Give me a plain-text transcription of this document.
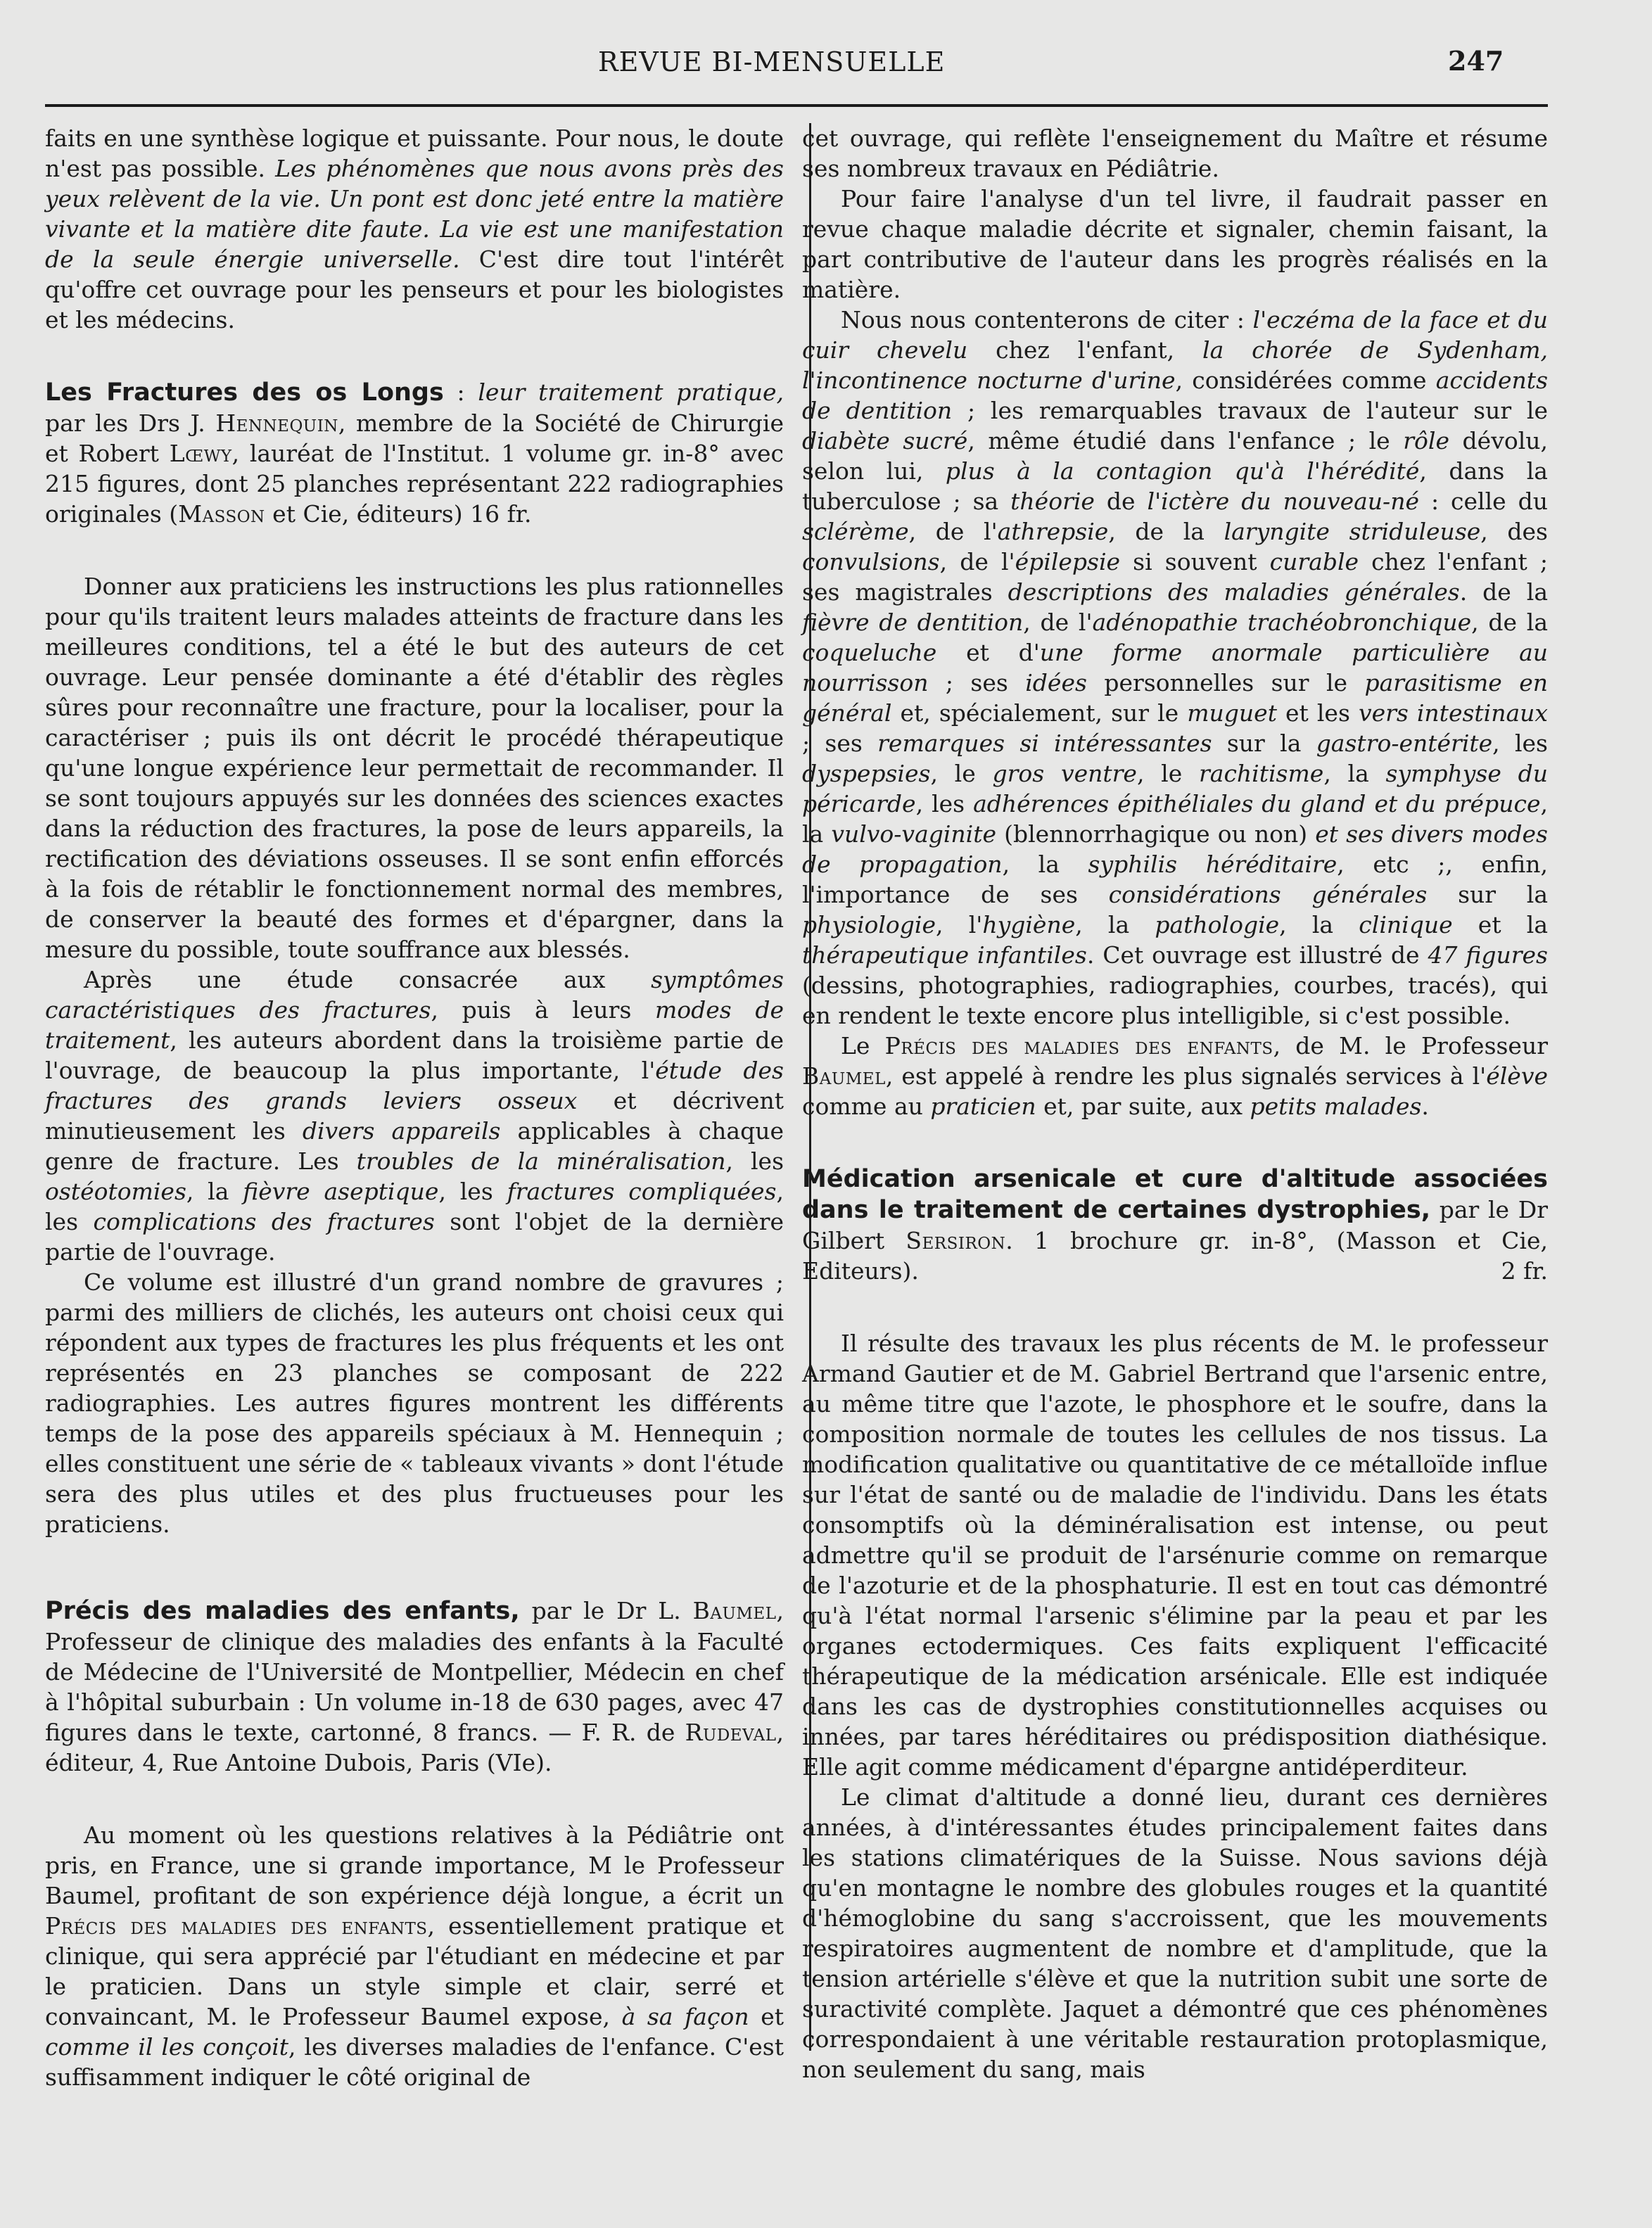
REVUE BI-MENSUELLE	247

faits en une synthèse logique et puissante. Pour nous, le doute n'est pas possible. Les phénomènes que nous avons près des yeux relèvent de la vie. Un pont est donc jeté entre la matière vivante et la matière dite faute. La vie est une manifestation de la seule énergie universelle. C'est dire tout l'intérêt qu'offre cet ouvrage pour les penseurs et pour les biologistes et les médecins.

Les Fractures des os Longs : leur traitement pratique, par les Drs J. Hennequin, membre de la Société de Chirurgie et Robert Lœwy, lauréat de l'Institut. 1 volume gr. in-8° avec 215 figures, dont 25 planches représentant 222 radiographies originales (Masson et Cie, éditeurs) 16 fr.

Donner aux praticiens les instructions les plus rationnelles pour qu'ils traitent leurs malades atteints de fracture dans les meilleures conditions, tel a été le but des auteurs de cet ouvrage. Leur pensée dominante a été d'établir des règles sûres pour reconnaître une fracture, pour la localiser, pour la caractériser ; puis ils ont décrit le procédé thérapeutique qu'une longue expérience leur permettait de recommander. Il se sont toujours appuyés sur les données des sciences exactes dans la réduction des fractures, la pose de leurs appareils, la rectification des déviations osseuses. Il se sont enfin efforcés à la fois de rétablir le fonctionnement normal des membres, de conserver la beauté des formes et d'épargner, dans la mesure du possible, toute souffrance aux blessés.

Après une étude consacrée aux symptômes caractéristiques des fractures, puis à leurs modes de traitement, les auteurs abordent dans la troisième partie de l'ouvrage, de beaucoup la plus importante, l'étude des fractures des grands leviers osseux et décrivent minutieusement les divers appareils applicables à chaque genre de fracture. Les troubles de la minéralisation, les ostéotomies, la fièvre aseptique, les fractures compliquées, les complications des fractures sont l'objet de la dernière partie de l'ouvrage.

Ce volume est illustré d'un grand nombre de gravures ; parmi des milliers de clichés, les auteurs ont choisi ceux qui répondent aux types de fractures les plus fréquents et les ont représentés en 23 planches se composant de 222 radiographies. Les autres figures montrent les différents temps de la pose des appareils spéciaux à M. Hennequin ; elles constituent une série de « tableaux vivants » dont l'étude sera des plus utiles et des plus fructueuses pour les praticiens.

Précis des maladies des enfants, par le Dr L. Baumel, Professeur de clinique des maladies des enfants à la Faculté de Médecine de l'Université de Montpellier, Médecin en chef à l'hôpital suburbain : Un volume in-18 de 630 pages, avec 47 figures dans le texte, cartonné, 8 francs. — F. R. de Rudeval, éditeur, 4, Rue Antoine Dubois, Paris (VIe).

Au moment où les questions relatives à la Pédiâtrie ont pris, en France, une si grande importance, M le Professeur Baumel, profitant de son expérience déjà longue, a écrit un Précis des maladies des enfants, essentiellement pratique et clinique, qui sera apprécié par l'étudiant en médecine et par le praticien. Dans un style simple et clair, serré et convaincant, M. le Professeur Baumel expose, à sa façon et comme il les conçoit, les diverses maladies de l'enfance. C'est suffisamment indiquer le côté original de

cet ouvrage, qui reflète l'enseignement du Maître et résume ses nombreux travaux en Pédiâtrie.

Pour faire l'analyse d'un tel livre, il faudrait passer en revue chaque maladie décrite et signaler, chemin faisant, la part contributive de l'auteur dans les progrès réalisés en la matière.

Nous nous contenterons de citer : l'eczéma de la face et du cuir chevelu chez l'enfant, la chorée de Sydenham, l'incontinence nocturne d'urine, considérées comme accidents de dentition ; les remarquables travaux de l'auteur sur le diabète sucré, même étudié dans l'enfance ; le rôle dévolu, selon lui, plus à la contagion qu'à l'hérédité, dans la tuberculose ; sa théorie de l'ictère du nouveau-né : celle du sclérème, de l'athrepsie, de la laryngite striduleuse, des convulsions, de l'épilepsie si souvent curable chez l'enfant ; ses magistrales descriptions des maladies générales. de la fièvre de dentition, de l'adénopathie trachéobronchique, de la coqueluche et d'une forme anormale particulière au nourrisson ; ses idées personnelles sur le parasitisme en général et, spécialement, sur le muguet et les vers intestinaux ; ses remarques si intéressantes sur la gastro-entérite, les dyspepsies, le gros ventre, le rachitisme, la symphyse du péricarde, les adhérences épithéliales du gland et du prépuce, la vulvo-vaginite (blennorrhagique ou non) et ses divers modes de propagation, la syphilis héréditaire, etc ;, enfin, l'importance de ses considérations générales sur la physiologie, l'hygiène, la pathologie, la clinique et la thérapeutique infantiles. Cet ouvrage est illustré de 47 figures (dessins, photographies, radiographies, courbes, tracés), qui en rendent le texte encore plus intelligible, si c'est possible.

Le Précis des maladies des enfants, de M. le Professeur Baumel, est appelé à rendre les plus signalés services à l'élève comme au praticien et, par suite, aux petits malades.

Médication arsenicale et cure d'altitude associées dans le traitement de certaines dystrophies, par le Dr Gilbert Sersiron. 1 brochure gr. in-8°, (Masson et Cie, Editeurs).	2 fr.

Il résulte des travaux les plus récents de M. le professeur Armand Gautier et de M. Gabriel Bertrand que l'arsenic entre, au même titre que l'azote, le phosphore et le soufre, dans la composition normale de toutes les cellules de nos tissus. La modification qualitative ou quantitative de ce métalloïde influe sur l'état de santé ou de maladie de l'individu. Dans les états consomptifs où la déminéralisation est intense, ou peut admettre qu'il se produit de l'arsénurie comme on remarque de l'azoturie et de la phosphaturie. Il est en tout cas démontré qu'à l'état normal l'arsenic s'élimine par la peau et par les organes ectodermiques. Ces faits expliquent l'efficacité thérapeutique de la médication arsénicale. Elle est indiquée dans les cas de dystrophies constitutionnelles acquises ou innées, par tares héréditaires ou prédisposition diathésique. Elle agit comme médicament d'épargne antidéperditeur.

Le climat d'altitude a donné lieu, durant ces dernières années, à d'intéressantes études principalement faites dans les stations climatériques de la Suisse. Nous savions déjà qu'en montagne le nombre des globules rouges et la quantité d'hémoglobine du sang s'accroissent, que les mouvements respiratoires augmentent de nombre et d'amplitude, que la tension artérielle s'élève et que la nutrition subit une sorte de suractivité complète. Jaquet a démontré que ces phénomènes correspondaient à une véritable restauration protoplasmique, non seulement du sang, mais
